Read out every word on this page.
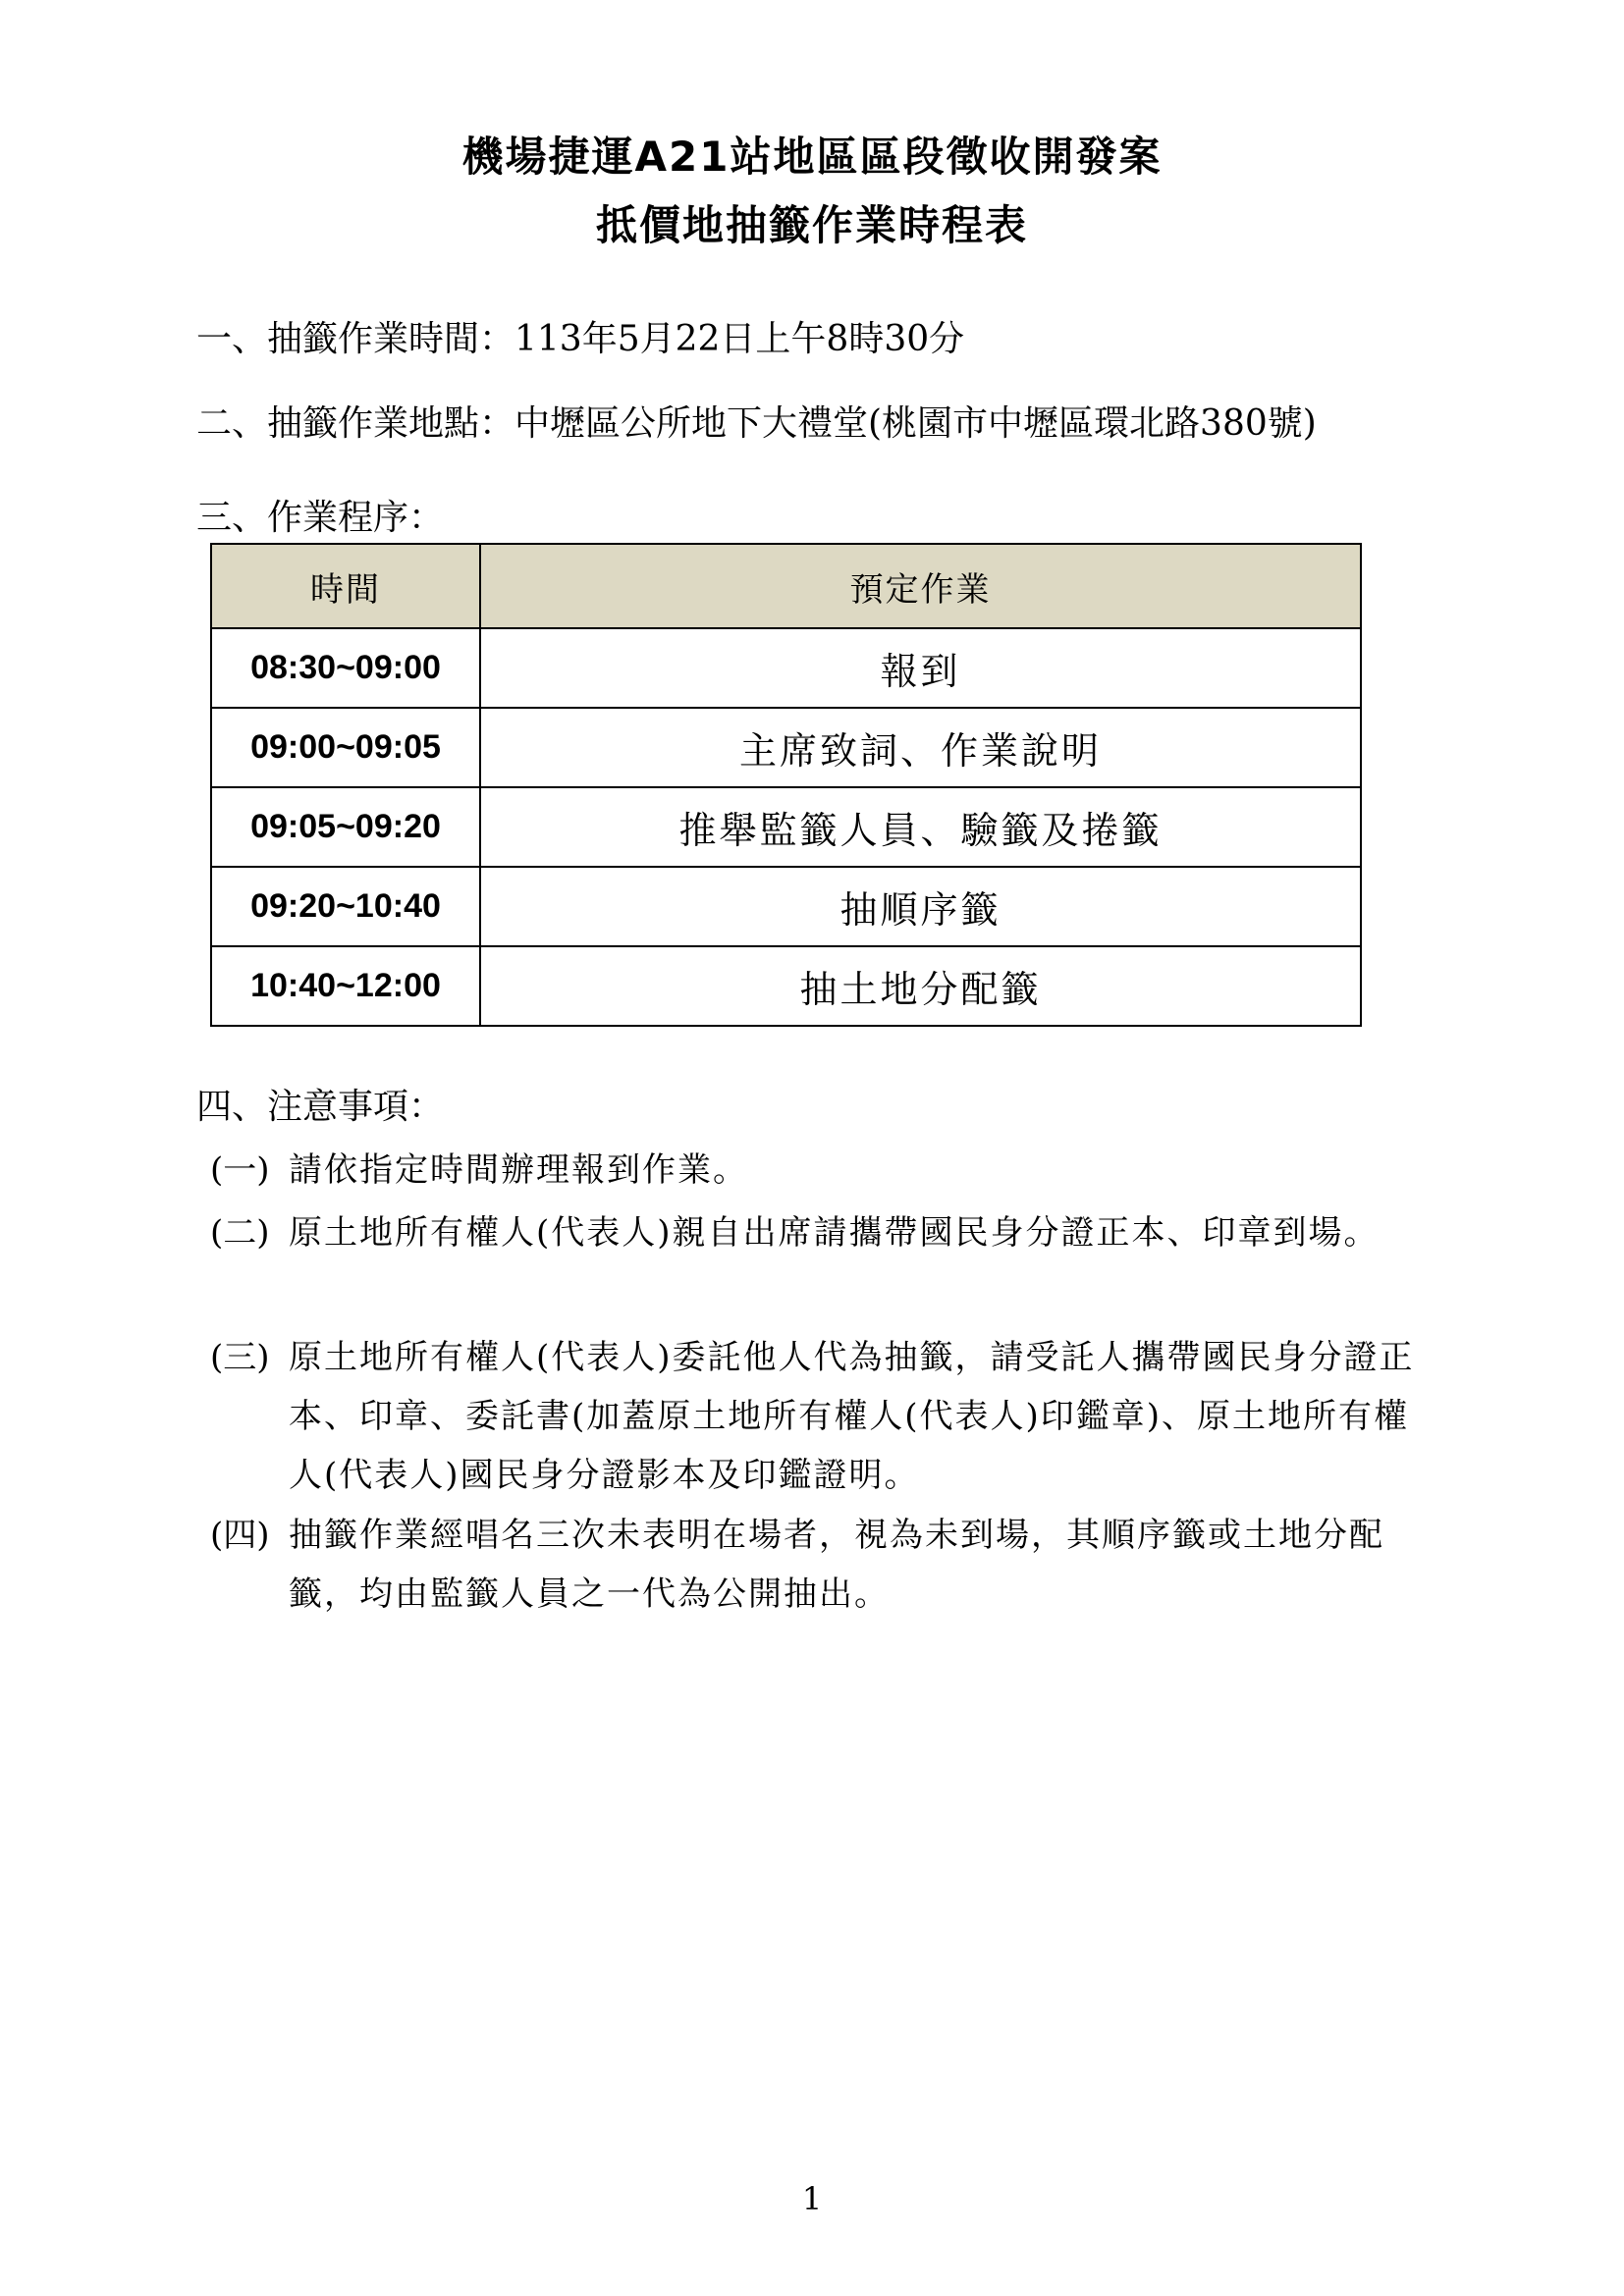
機場捷運A21站地區區段徵收開發案
抵價地抽籤作業時程表
一、抽籤作業時間：113年5月22日上午8時30分
二、抽籤作業地點：中壢區公所地下大禮堂(桃園市中壢區環北路380號)
三、作業程序：
時間	預定作業
08:30~09:00	報到
09:00~09:05	主席致詞、作業說明
09:05~09:20	推舉監籤人員、驗籤及捲籤
09:20~10:40	抽順序籤
10:40~12:00	抽土地分配籤
四、注意事項：
(一) 請依指定時間辦理報到作業。
(二) 原土地所有權人(代表人)親自出席請攜帶國民身分證正本、印章到場。
(三) 原土地所有權人(代表人)委託他人代為抽籤，請受託人攜帶國民身分證正本、印章、委託書(加蓋原土地所有權人(代表人)印鑑章)、原土地所有權人(代表人)國民身分證影本及印鑑證明。
(四) 抽籤作業經唱名三次未表明在場者，視為未到場，其順序籤或土地分配籤，均由監籤人員之一代為公開抽出。
1
